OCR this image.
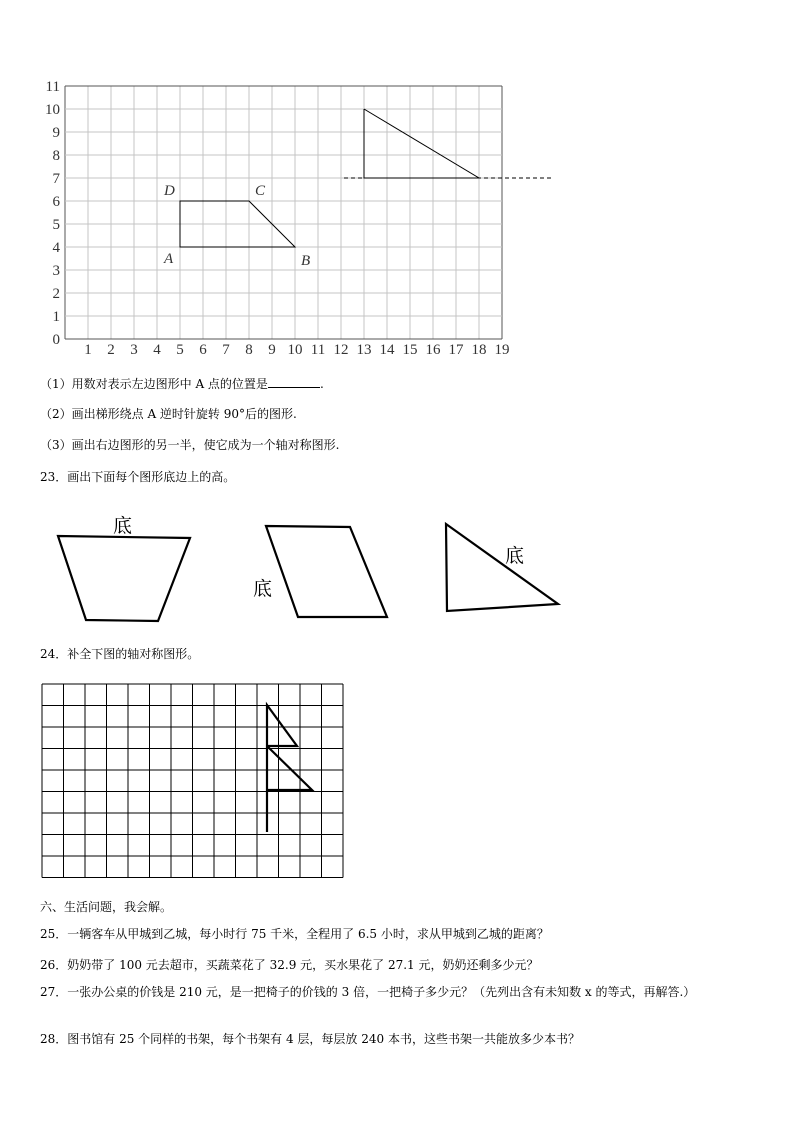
0
1
2
3
4
5
6
7
8
9
10
11
1 2 3 4 5 6 7 8 9 10 11 12 13 14 15 16 17 18 19
A	B
C
D
（1）用数对表示左边图形中 A 点的位置是	.
（2）画出梯形绕点 A 逆时针旋转 90°后的图形.
（3）画出右边图形的另一半，使它成为一个轴对称图形.
23．画出下面每个图形底边上的高。
底
底
底
24．补全下图的轴对称图形。
六、生活问题，我会解。
25．一辆客车从甲城到乙城，每小时行 75 千米，全程用了 6.5 小时，求从甲城到乙城的距离？
26．奶奶带了 100 元去超市，买蔬菜花了 32.9 元，买水果花了 27.1 元，奶奶还剩多少元？
27．一张办公桌的价钱是 210 元，是一把椅子的价钱的 3 倍，一把椅子多少元？（先列出含有未知数 x 的等式，再解答.）
28．图书馆有 25 个同样的书架，每个书架有 4 层，每层放 240 本书，这些书架一共能放多少本书？
